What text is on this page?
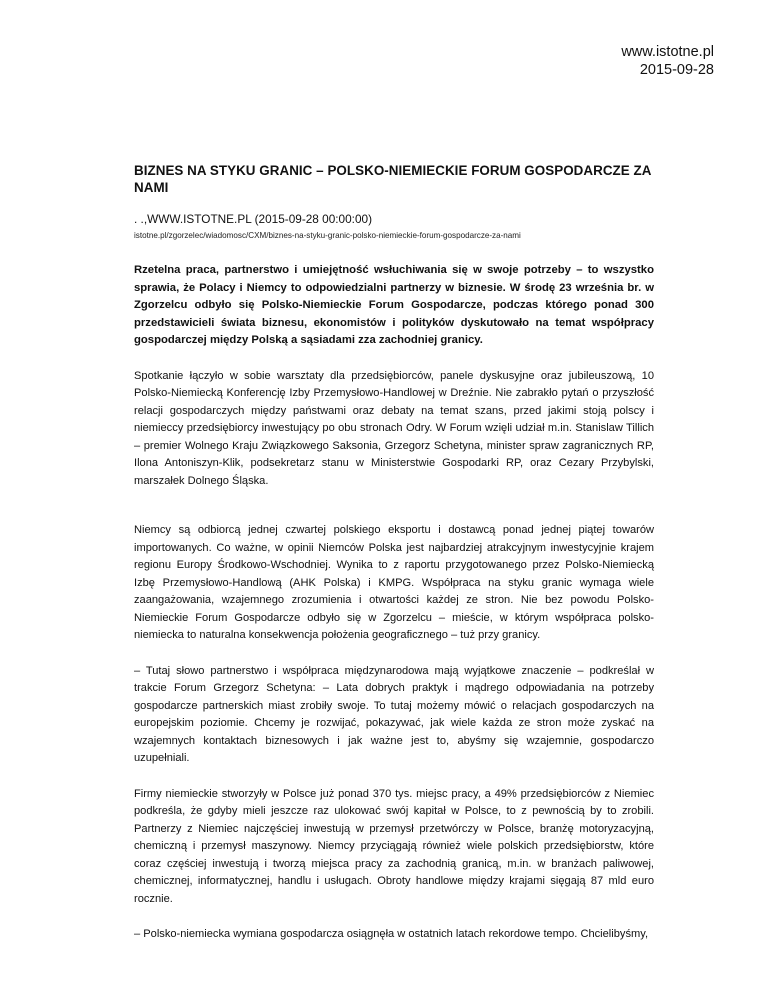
www.istotne.pl
2015-09-28
BIZNES NA STYKU GRANIC – POLSKO-NIEMIECKIE FORUM GOSPODARCZE ZA NAMI
. .,WWW.ISTOTNE.PL (2015-09-28 00:00:00)
istotne.pl/zgorzelec/wiadomosc/CXM/biznes-na-styku-granic-polsko-niemieckie-forum-gospodarcze-za-nami

Rzetelna praca, partnerstwo i umiejętność wsłuchiwania się w swoje potrzeby – to wszystko sprawia, że Polacy i Niemcy to odpowiedzialni partnerzy w biznesie. W środę 23 września br. w Zgorzelcu odbyło się Polsko-Niemieckie Forum Gospodarcze, podczas którego ponad 300 przedstawicieli świata biznesu, ekonomistów i polityków dyskutowało na temat współpracy gospodarczej między Polską a sąsiadami zza zachodniej granicy.

Spotkanie łączyło w sobie warsztaty dla przedsiębiorców, panele dyskusyjne oraz jubileuszową, 10 Polsko-Niemiecką Konferencję Izby Przemysłowo-Handlowej w Dreźnie. Nie zabrakło pytań o przyszłość relacji gospodarczych między państwami oraz debaty na temat szans, przed jakimi stoją polscy i niemieccy przedsiębiorcy inwestujący po obu stronach Odry. W Forum wzięli udział m.in. Stanislaw Tillich – premier Wolnego Kraju Związkowego Saksonia, Grzegorz Schetyna, minister spraw zagranicznych RP, Ilona Antoniszyn-Klik, podsekretarz stanu w Ministerstwie Gospodarki RP, oraz Cezary Przybylski, marszałek Dolnego Śląska.

Niemcy są odbiorcą jednej czwartej polskiego eksportu i dostawcą ponad jednej piątej towarów importowanych. Co ważne, w opinii Niemców Polska jest najbardziej atrakcyjnym inwestycyjnie krajem regionu Europy Środkowo-Wschodniej. Wynika to z raportu przygotowanego przez Polsko-Niemiecką Izbę Przemysłowo-Handlową (AHK Polska) i KMPG. Współpraca na styku granic wymaga wiele zaangażowania, wzajemnego zrozumienia i otwartości każdej ze stron. Nie bez powodu Polsko-Niemieckie Forum Gospodarcze odbyło się w Zgorzelcu – mieście, w którym współpraca polsko-niemiecka to naturalna konsekwencja położenia geograficznego – tuż przy granicy.

– Tutaj słowo partnerstwo i współpraca międzynarodowa mają wyjątkowe znaczenie – podkreślał w trakcie Forum Grzegorz Schetyna: – Lata dobrych praktyk i mądrego odpowiadania na potrzeby gospodarcze partnerskich miast zrobiły swoje. To tutaj możemy mówić o relacjach gospodarczych na europejskim poziomie. Chcemy je rozwijać, pokazywać, jak wiele każda ze stron może zyskać na wzajemnych kontaktach biznesowych i jak ważne jest to, abyśmy się wzajemnie, gospodarczo uzupełniali.

Firmy niemieckie stworzyły w Polsce już ponad 370 tys. miejsc pracy, a 49% przedsiębiorców z Niemiec podkreśla, że gdyby mieli jeszcze raz ulokować swój kapitał w Polsce, to z pewnością by to zrobili. Partnerzy z Niemiec najczęściej inwestują w przemysł przetwórczy w Polsce, branżę motoryzacyjną, chemiczną i przemysł maszynowy. Niemcy przyciągają również wiele polskich przedsiębiorstw, które coraz częściej inwestują i tworzą miejsca pracy za zachodnią granicą, m.in. w branżach paliwowej, chemicznej, informatycznej, handlu i usługach. Obroty handlowe między krajami sięgają 87 mld euro rocznie.

– Polsko-niemiecka wymiana gospodarcza osiągnęła w ostatnich latach rekordowe tempo. Chcielibyśmy,
